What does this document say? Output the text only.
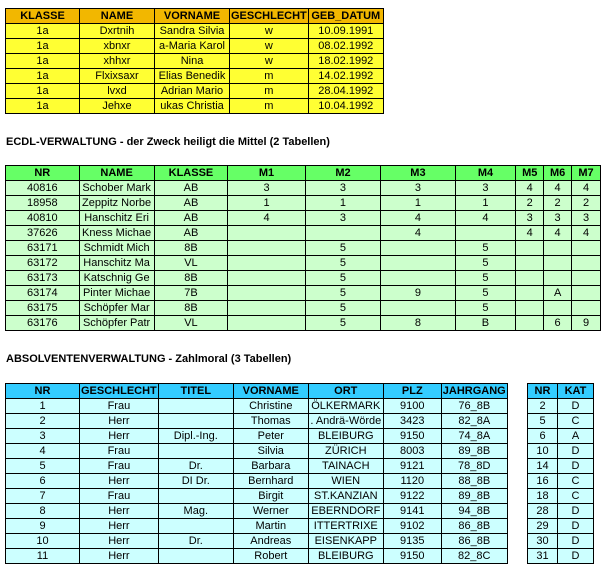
KLASSE	NAME	VORNAME	GESCHLECHT	GEB_DATUM
1a	Dxrtnih	Sandra Silvia	w	10.09.1991
1a	xbnxr	a-Maria Karol	w	08.02.1992
1a	xhhxr	Nina	w	18.02.1992
1a	Flxixsaxr	Elias Benedik	m	14.02.1992
1a	lvxd	Adrian Mario	m	28.04.1992
1a	Jehxe	ukas Christia	m	10.04.1992
ECDL-VERWALTUNG - der Zweck heiligt die Mittel (2 Tabellen)
NR	NAME	KLASSE	M1	M2	M3	M4	M5	M6	M7
40816	Schober Mark	AB	3	3	3	3	4	4	4
18958	Zeppitz Norbe	AB	1	1	1	1	2	2	2
40810	Hanschitz Eri	AB	4	3	4	4	3	3	3
37626	Kness Michae	AB			4		4	4	4
63171	Schmidt Mich	8B		5		5			
63172	Hanschitz Ma	VL		5		5			
63173	Katschnig Ge	8B		5		5			
63174	Pinter Michae	7B		5	9	5		A	
63175	Schöpfer Mar	8B		5		5			
63176	Schöpfer Patr	VL		5	8	B		6	9
ABSOLVENTENVERWALTUNG - Zahlmoral (3 Tabellen)
NR	GESCHLECHT	TITEL	VORNAME	ORT	PLZ	JAHRGANG
1	Frau		Christine	ÖLKERMARK	9100	76_8B
2	Herr		Thomas	. Andrä-Wörde	3423	82_8A
3	Herr	Dipl.-Ing.	Peter	BLEIBURG	9150	74_8A
4	Frau		Silvia	ZÜRICH	8003	89_8B
5	Frau	Dr.	Barbara	TAINACH	9121	78_8D
6	Herr	DI Dr.	Bernhard	WIEN	1120	88_8B
7	Frau		Birgit	ST.KANZIAN	9122	89_8B
8	Herr	Mag.	Werner	EBERNDORF	9141	94_8B
9	Herr		Martin	ITTERTRIXE	9102	86_8B
10	Herr	Dr.	Andreas	EISENKAPP	9135	86_8B
11	Herr		Robert	BLEIBURG	9150	82_8C
NR	KAT
2	D
5	C
6	A
10	D
14	D
16	C
18	C
28	D
29	D
30	D
31	D
